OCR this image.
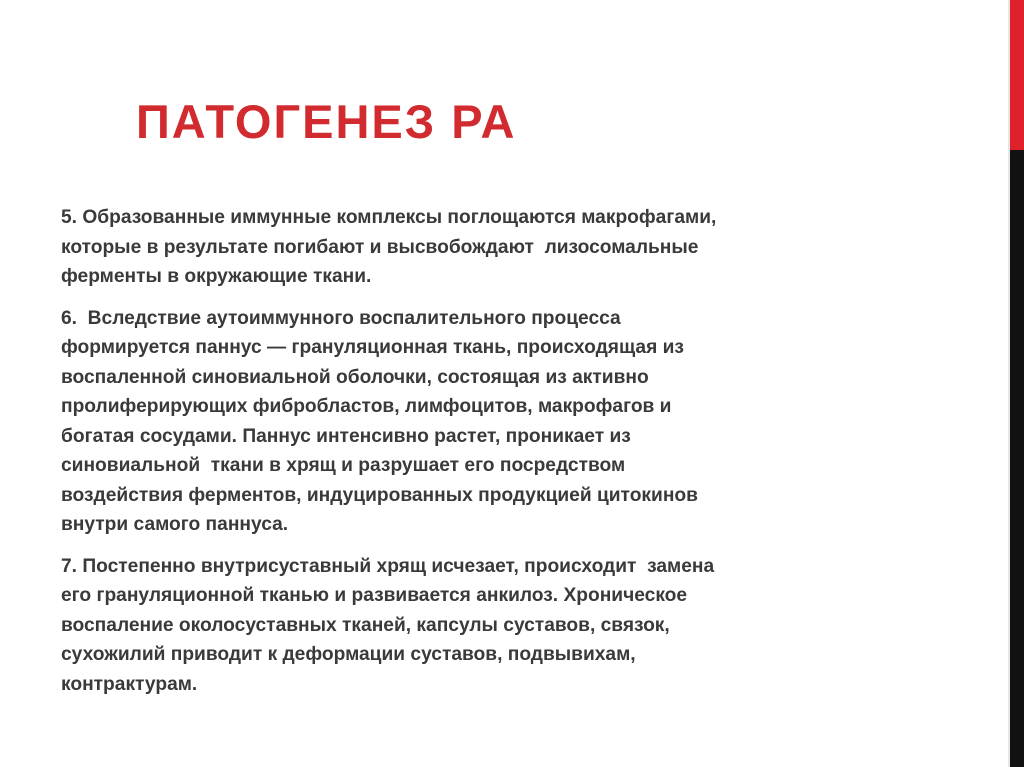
ПАТОГЕНЕЗ РА

5. Образованные иммунные комплексы поглощаются макрофагами,
которые в результате погибают и высвобождают  лизосомальные
ферменты в окружающие ткани.

6.  Вследствие аутоиммунного воспалительного процесса
формируется паннус — грануляционная ткань, происходящая из
воспаленной синовиальной оболочки, состоящая из активно
пролиферирующих фибробластов, лимфоцитов, макрофагов и
богатая сосудами. Паннус интенсивно растет, проникает из
синовиальной  ткани в хрящ и разрушает его посредством
воздействия ферментов, индуцированных продукцией цитокинов
внутри самого паннуса.

7. Постепенно внутрисуставный хрящ исчезает, происходит  замена
его грануляционной тканью и развивается анкилоз. Хроническое
воспаление околосуставных тканей, капсулы суставов, связок,
сухожилий приводит к деформации суставов, подвывихам,
контрактурам.
